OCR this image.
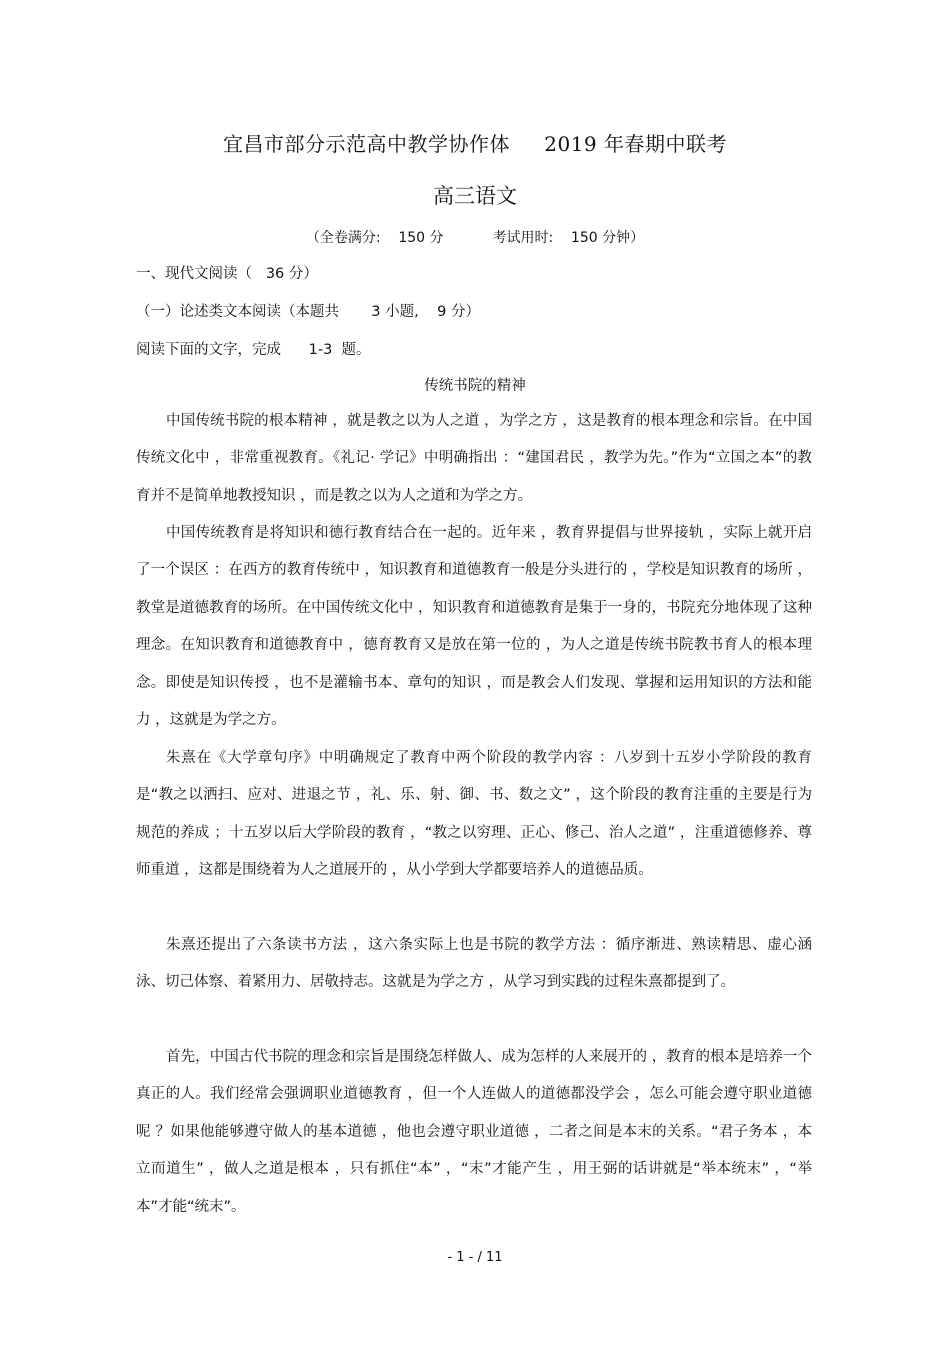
宜昌市部分示范高中教学协作体     2019 年春期中联考
高三语文
（全卷满分:    150 分           考试用时:    150 分钟）
一、现代文阅读（   36 分）
（一）论述类文本阅读（本题共       3 小题,    9 分）
阅读下面的文字，完成      1-3  题。
传统书院的精神
中国传统书院的根本精神 ，就是教之以为人之道 ，为学之方 ，这是教育的根本理念和宗旨。在中国传统文化中 ，非常重视教育。《礼记· 学记》中明确指出 ：“建国君民 ，教学为先。”作为“立国之本”的教育并不是简单地教授知识 ，而是教之以为人之道和为学之方。
中国传统教育是将知识和德行教育结合在一起的。近年来 ，教育界提倡与世界接轨 ，实际上就开启了一个误区 ：在西方的教育传统中 ，知识教育和道德教育一般是分头进行的 ，学校是知识教育的场所 ，教堂是道德教育的场所。在中国传统文化中 ，知识教育和道德教育是集于一身的，书院充分地体现了这种理念。在知识教育和道德教育中 ，德育教育又是放在第一位的 ，为人之道是传统书院教书育人的根本理念。即使是知识传授 ，也不是灌输书本、章句的知识 ，而是教会人们发现、掌握和运用知识的方法和能力 ，这就是为学之方。
朱熹在《大学章句序》中明确规定了教育中两个阶段的教学内容 ：八岁到十五岁小学阶段的教育是“教之以洒扫、应对、进退之节 ，礼、乐、射、御、书、数之文” ，这个阶段的教育注重的主要是行为规范的养成 ；十五岁以后大学阶段的教育 ，“教之以穷理、正心、修己、治人之道” ，注重道德修养、尊师重道 ，这都是围绕着为人之道展开的 ，从小学到大学都要培养人的道德品质。
朱熹还提出了六条读书方法 ，这六条实际上也是书院的教学方法 ：循序渐进、熟读精思、虚心涵泳、切己体察、着紧用力、居敬持志。这就是为学之方 ，从学习到实践的过程朱熹都提到了。
首先，中国古代书院的理念和宗旨是围绕怎样做人、成为怎样的人来展开的 ，教育的根本是培养一个真正的人。我们经常会强调职业道德教育 ，但一个人连做人的道德都没学会 ，怎么可能会遵守职业道德呢 ？如果他能够遵守做人的基本道德 ，他也会遵守职业道德 ，二者之间是本末的关系。“君子务本 ，本立而道生” ，做人之道是根本 ，只有抓住“本” ，“末”才能产生 ，用王弼的话讲就是“举本统末” ，“举本”才能“统末”。
- 1 - / 11
